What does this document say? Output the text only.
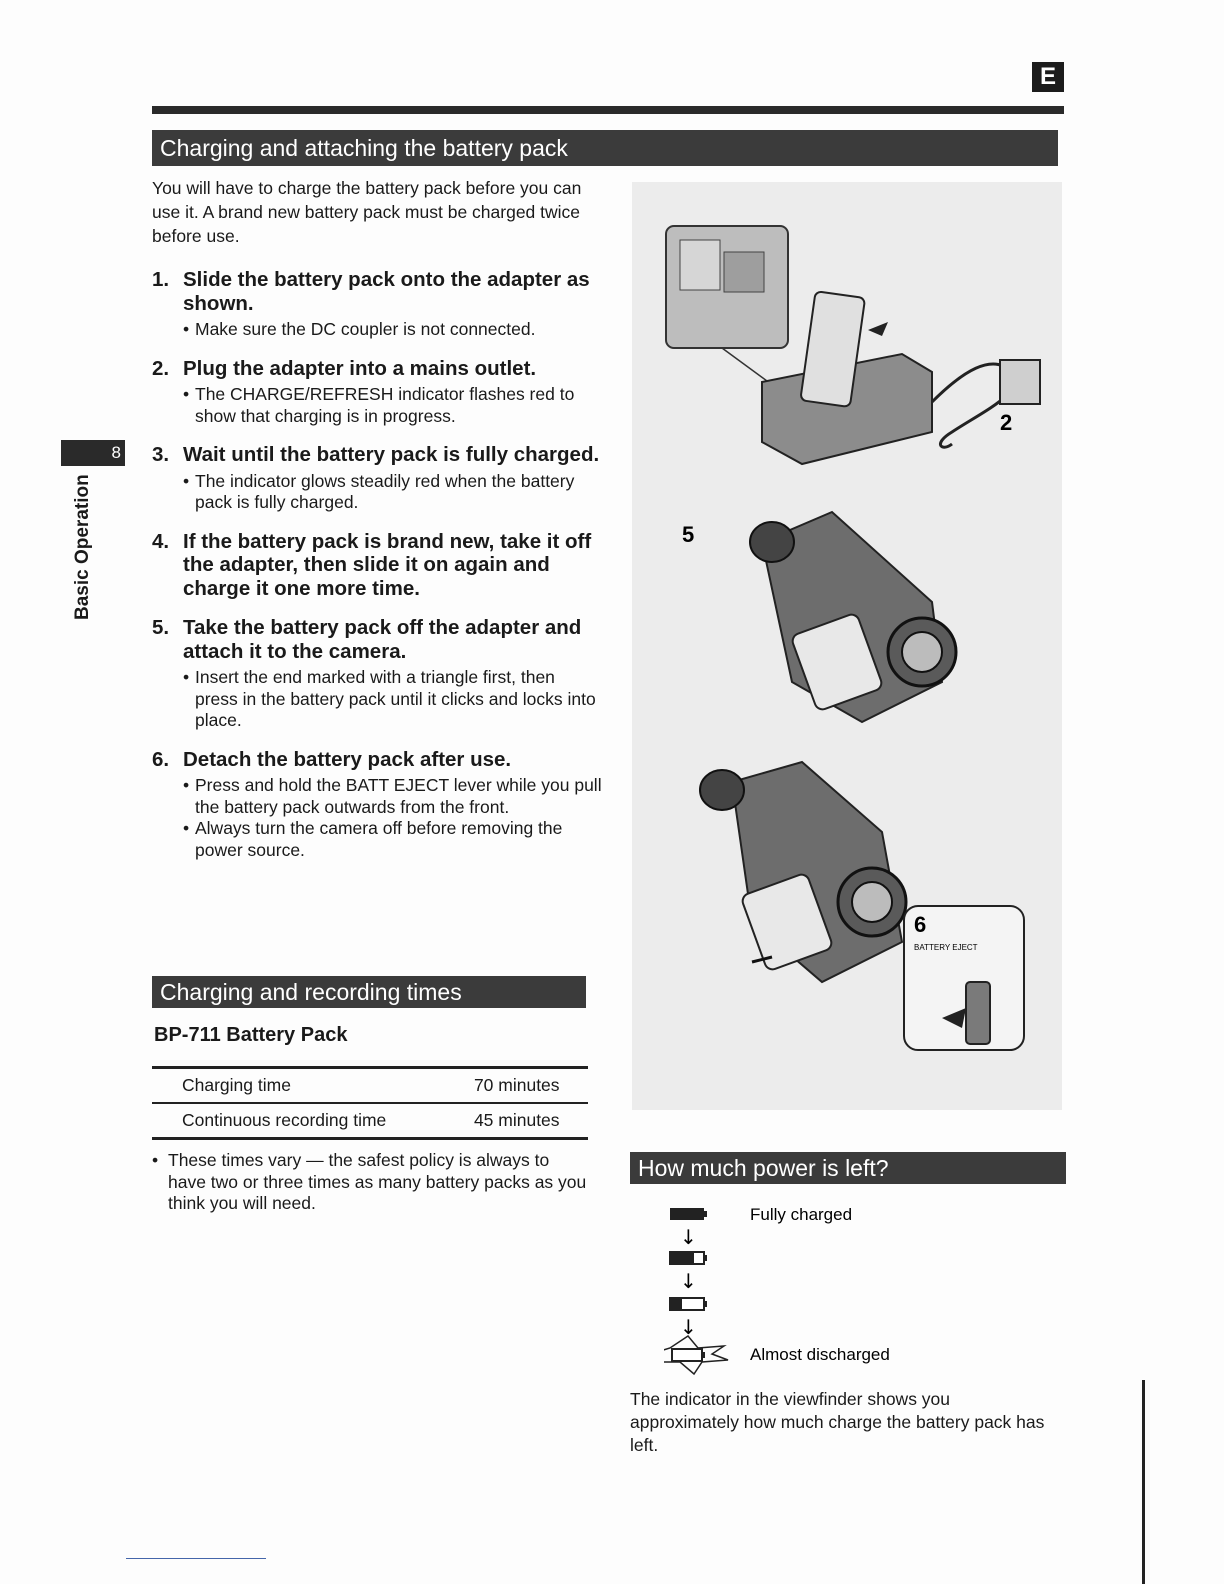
E
8
Basic Operation
Charging and attaching the battery pack
You will have to charge the battery pack before you can use it. A brand new battery pack must be charged twice before use.
1. Slide the battery pack onto the adapter as shown.
• Make sure the DC coupler is not connected.
2. Plug the adapter into a mains outlet.
• The CHARGE/REFRESH indicator flashes red to show that charging is in progress.
3. Wait until the battery pack is fully charged.
• The indicator glows steadily red when the battery pack is fully charged.
4. If the battery pack is brand new, take it off the adapter, then slide it on again and charge it one more time.
5. Take the battery pack off the adapter and attach it to the camera.
• Insert the end marked with a triangle first, then press in the battery pack until it clicks and locks into place.
6. Detach the battery pack after use.
• Press and hold the BATT EJECT lever while you pull the battery pack outwards from the front.
• Always turn the camera off before removing the power source.
Charging and recording times
BP-711 Battery Pack
Charging time	70 minutes
Continuous recording time	45 minutes
• These times vary — the safest policy is always to have two or three times as many battery packs as you think you will need.
2
5
6
BATTERY EJECT
How much power is left?
↓
↓
↓
Fully charged
Almost discharged
The indicator in the viewfinder shows you approximately how much charge the battery pack has left.
